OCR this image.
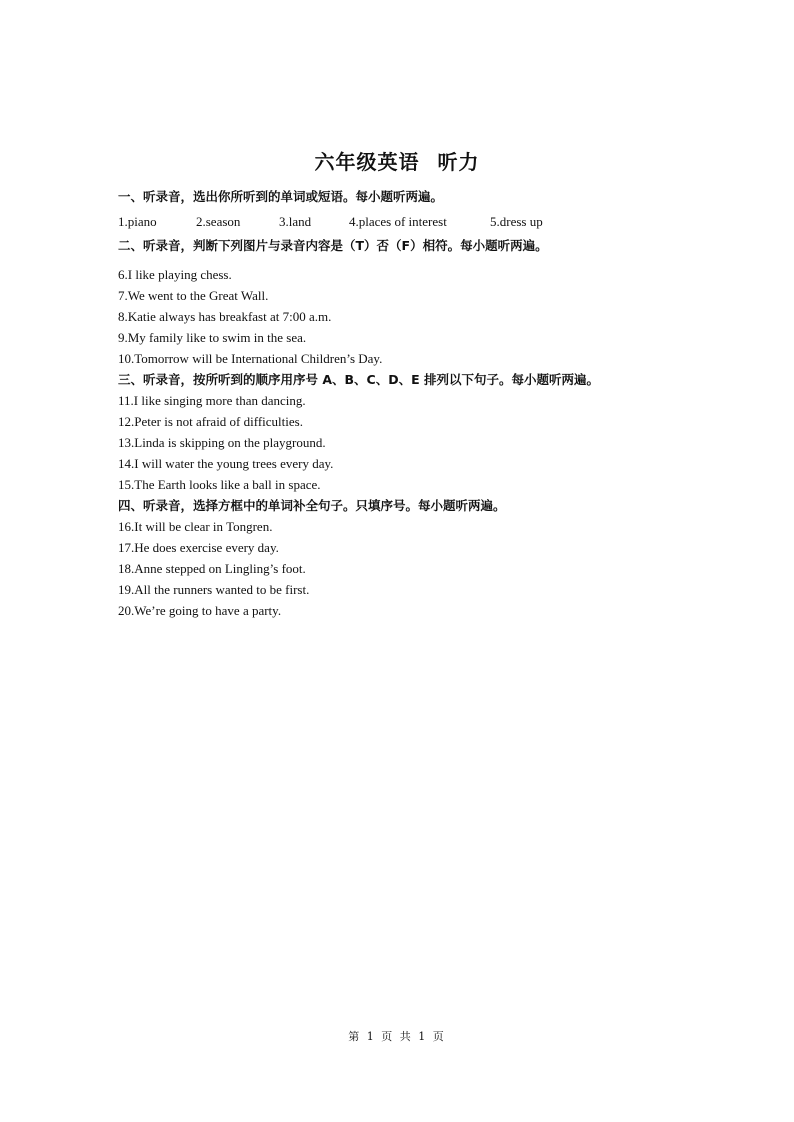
六年级英语 听力
一、听录音，选出你所听到的单词或短语。每小题听两遍。
1.piano	2.season	3.land	4.places of interest	5.dress up
二、听录音，判断下列图片与录音内容是（T）否（F）相符。每小题听两遍。
6.I like playing chess.
7.We went to the Great Wall.
8.Katie always has breakfast at 7:00 a.m.
9.My family like to swim in the sea.
10.Tomorrow will be International Children’s Day.
三、听录音，按所听到的顺序用序号 A、B、C、D、E 排列以下句子。每小题听两遍。
11.I like singing more than dancing.
12.Peter is not afraid of difficulties.
13.Linda is skipping on the playground.
14.I will water the young trees every day.
15.The Earth looks like a ball in space.
四、听录音，选择方框中的单词补全句子。只填序号。每小题听两遍。
16.It will be clear in Tongren.
17.He does exercise every day.
18.Anne stepped on Lingling’s foot.
19.All the runners wanted to be first.
20.We’re going to have a party.
第 1 页 共 1 页
